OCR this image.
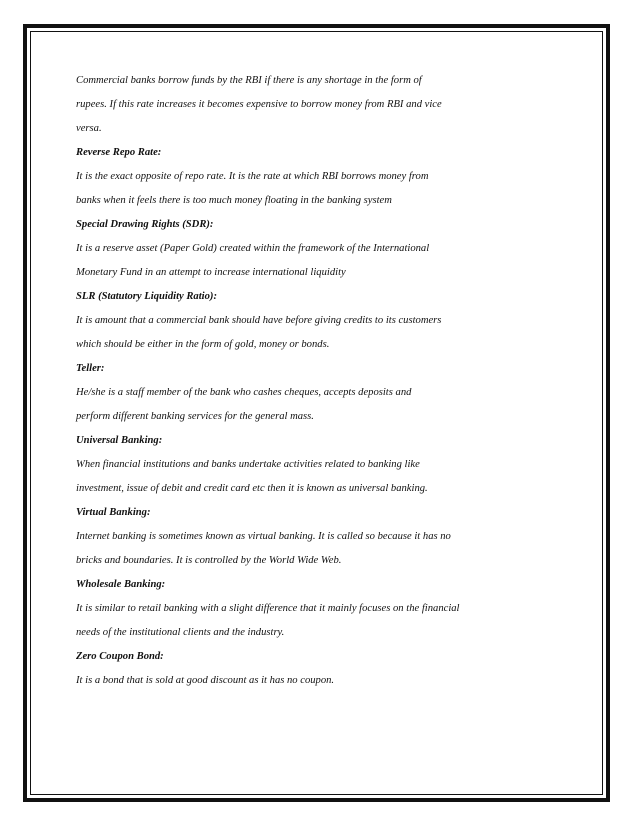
Commercial banks borrow funds by the RBI if there is any shortage in the form of
rupees. If this rate increases it becomes expensive to borrow money from RBI and vice
versa.
Reverse Repo Rate:
It is the exact opposite of repo rate. It is the rate at which RBI borrows money from
banks when it feels there is too much money floating in the banking system
Special Drawing Rights (SDR):
It is a reserve asset (Paper Gold) created within the framework of the International
Monetary Fund in an attempt to increase international liquidity
SLR (Statutory Liquidity Ratio):
It is amount that a commercial bank should have before giving credits to its customers
which should be either in the form of gold, money or bonds.
Teller:
He/she is a staff member of the bank who cashes cheques, accepts deposits and
perform different banking services for the general mass.
Universal Banking:
When financial institutions and banks undertake activities related to banking like
investment, issue of debit and credit card etc then it is known as universal banking.
Virtual Banking:
Internet banking is sometimes known as virtual banking. It is called so because it has no
bricks and boundaries. It is controlled by the World Wide Web.
Wholesale Banking:
It is similar to retail banking with a slight difference that it mainly focuses on the financial
needs of the institutional clients and the industry.
Zero Coupon Bond:
It is a bond that is sold at good discount as it has no coupon.
